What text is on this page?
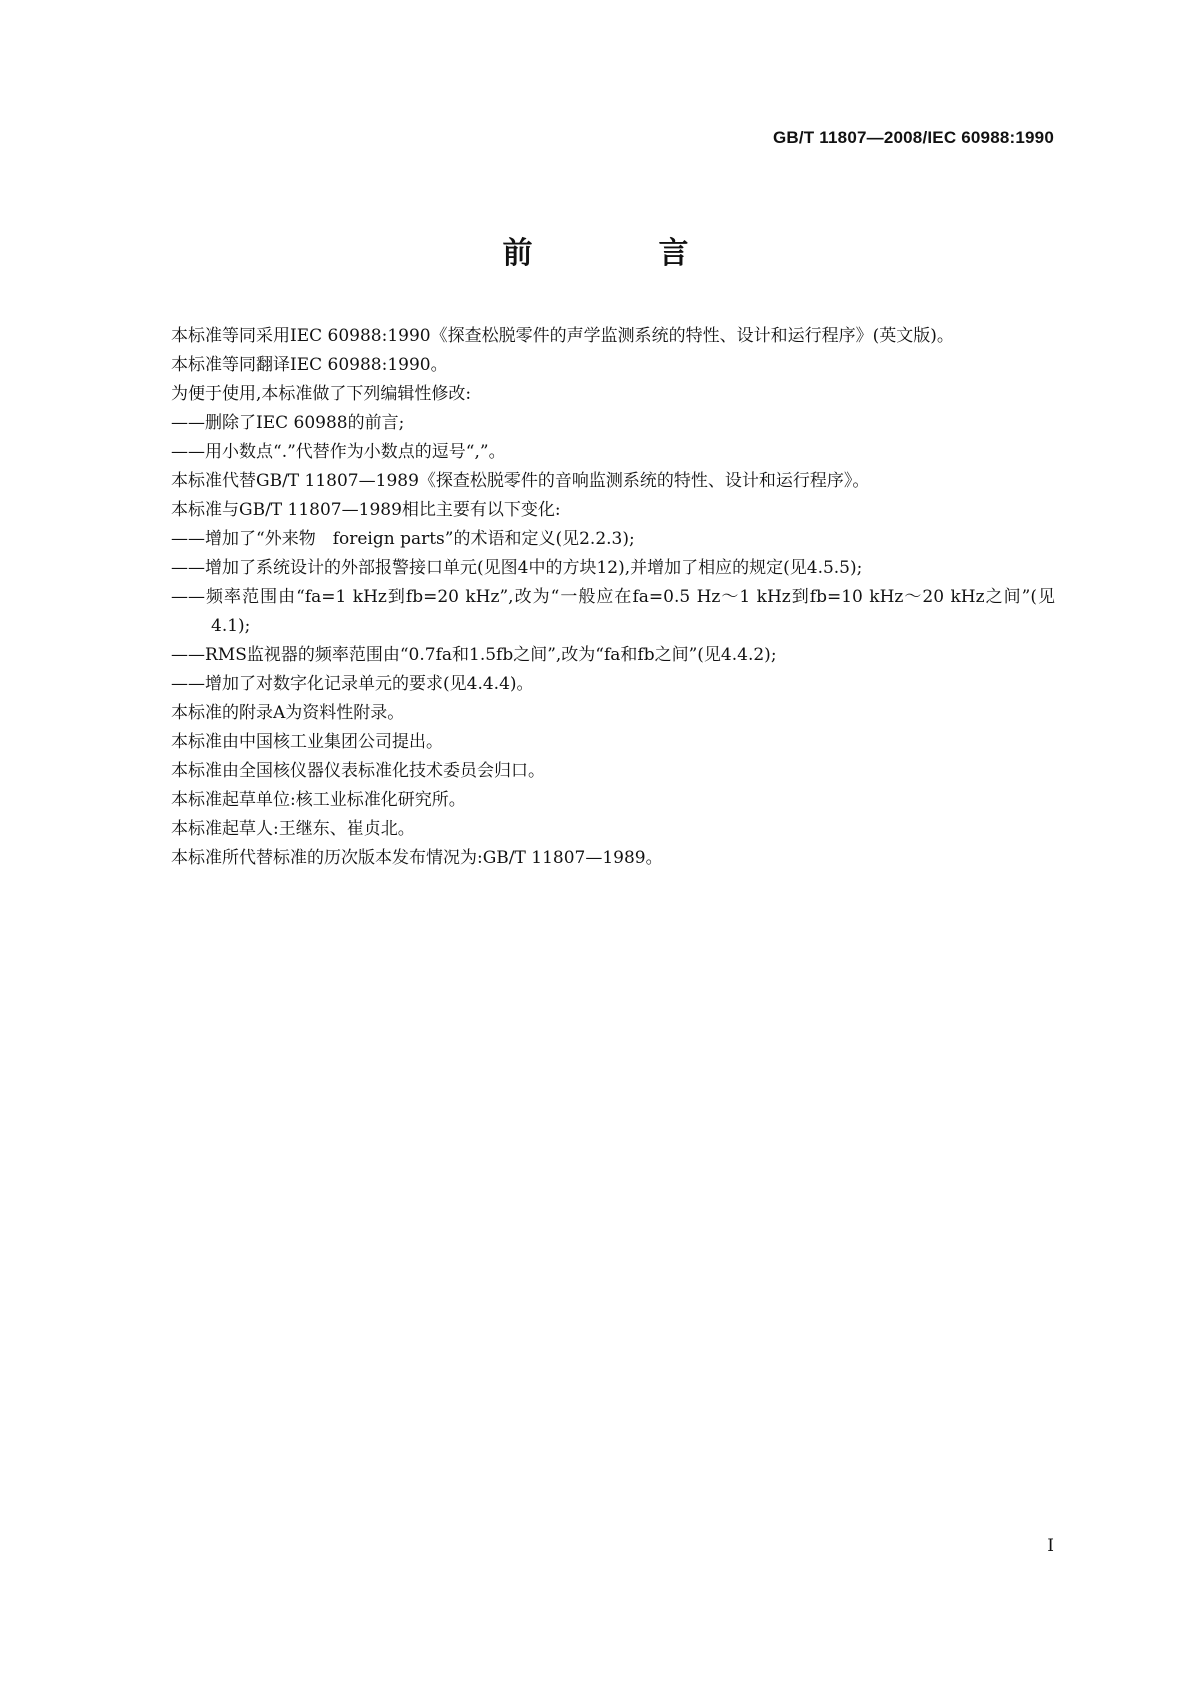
GB/T 11807—2008/IEC 60988:1990
前　言

本标准等同采用IEC 60988:1990《探查松脱零件的声学监测系统的特性、设计和运行程序》(英文版)。

本标准等同翻译IEC 60988:1990。

为便于使用,本标准做了下列编辑性修改:

——删除了IEC 60988的前言;

——用小数点“.”代替作为小数点的逗号“,”。

本标准代替GB/T 11807—1989《探查松脱零件的音响监测系统的特性、设计和运行程序》。

本标准与GB/T 11807—1989相比主要有以下变化:

——增加了“外来物　foreign parts”的术语和定义(见2.2.3);

——增加了系统设计的外部报警接口单元(见图4中的方块12),并增加了相应的规定(见4.5.5);

——频率范围由“fa=1 kHz到fb=20 kHz”,改为“一般应在fa=0.5 Hz～1 kHz到fb=10 kHz～20 kHz之间”(见4.1);

——RMS监视器的频率范围由“0.7fa和1.5fb之间”,改为“fa和fb之间”(见4.4.2);

——增加了对数字化记录单元的要求(见4.4.4)。

本标准的附录A为资料性附录。

本标准由中国核工业集团公司提出。

本标准由全国核仪器仪表标准化技术委员会归口。

本标准起草单位:核工业标准化研究所。

本标准起草人:王继东、崔贞北。

本标准所代替标准的历次版本发布情况为:GB/T 11807—1989。

I
